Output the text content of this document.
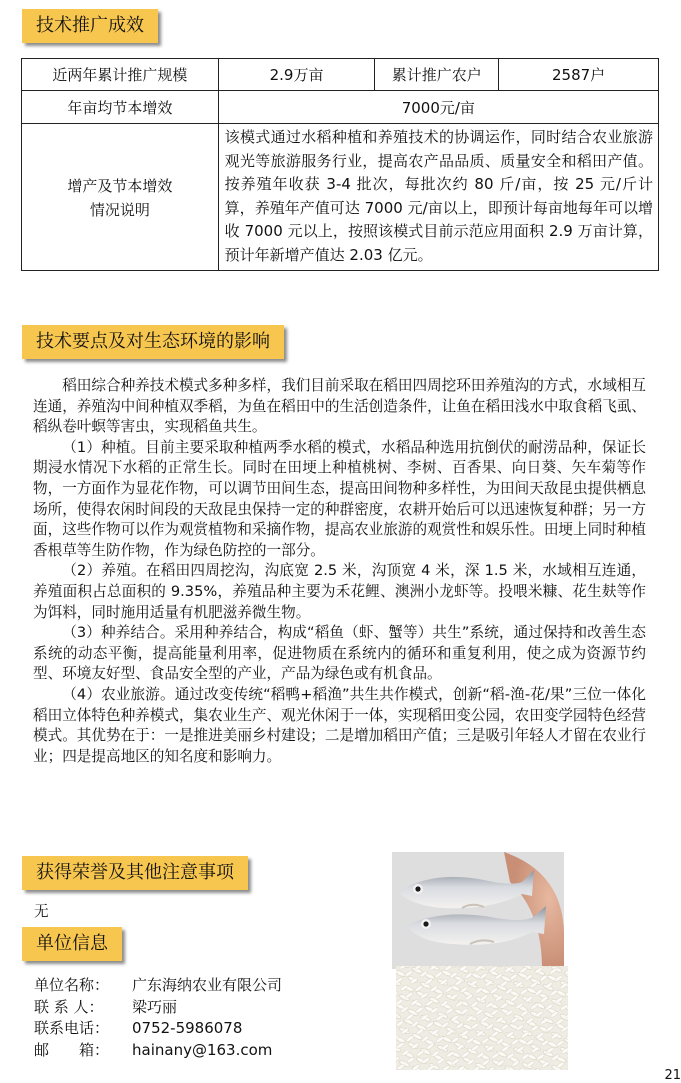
技术推广成效
近两年累计推广规模	2.9万亩	累计推广农户	2587户
年亩均节本增效	7000元/亩		

增产及节本增效
情况说明	该模式通过水稻种植和养殖技术的协调运作，同时结合农业旅游观光等旅游服务行业，提高农产品品质、质量安全和稻田产值。按养殖年收获 3-4 批次，每批次约 80 斤/亩，按 25 元/斤计算，养殖年产值可达 7000 元/亩以上，即预计每亩地每年可以增收 7000 元以上，按照该模式目前示范应用面积 2.9 万亩计算，预计年新增产值达 2.03 亿元。		
技术要点及对生态环境的影响

稻田综合种养技术模式多种多样，我们目前采取在稻田四周挖环田养殖沟的方式，水域相互连通，养殖沟中间种植双季稻，为鱼在稻田中的生活创造条件，让鱼在稻田浅水中取食稻飞虱、稻纵卷叶螟等害虫，实现稻鱼共生。

（1）种植。目前主要采取种植两季水稻的模式，水稻品种选用抗倒伏的耐涝品种，保证长期浸水情况下水稻的正常生长。同时在田埂上种植桃树、李树、百香果、向日葵、矢车菊等作物，一方面作为显花作物，可以调节田间生态，提高田间物种多样性，为田间天敌昆虫提供栖息场所，使得农闲时间段的天敌昆虫保持一定的种群密度，农耕开始后可以迅速恢复种群；另一方面，这些作物可以作为观赏植物和采摘作物，提高农业旅游的观赏性和娱乐性。田埂上同时种植香根草等生防作物，作为绿色防控的一部分。

（2）养殖。在稻田四周挖沟，沟底宽 2.5 米，沟顶宽 4 米，深 1.5 米，水域相互连通，养殖面积占总面积的 9.35%，养殖品种主要为禾花鲤、澳洲小龙虾等。投喂米糠、花生麸等作为饵料，同时施用适量有机肥滋养微生物。

（3）种养结合。采用种养结合，构成“稻鱼（虾、蟹等）共生”系统，通过保持和改善生态系统的动态平衡，提高能量利用率，促进物质在系统内的循环和重复利用，使之成为资源节约型、环境友好型、食品安全型的产业，产品为绿色或有机食品。

（4）农业旅游。通过改变传统“稻鸭+稻渔”共生共作模式，创新“稻-渔-花/果”三位一体化稻田立体特色种养模式，集农业生产、观光休闲于一体，实现稻田变公园，农田变学园特色经营模式。其优势在于：一是推进美丽乡村建设；二是增加稻田产值；三是吸引年轻人才留在农业行业；四是提高地区的知名度和影响力。

获得荣誉及其他注意事项
无
单位信息
单位名称：	广东海纳农业有限公司
联 系 人：	梁巧丽
联系电话：	0752-5986078
邮　　箱：	hainany@163.com
21
